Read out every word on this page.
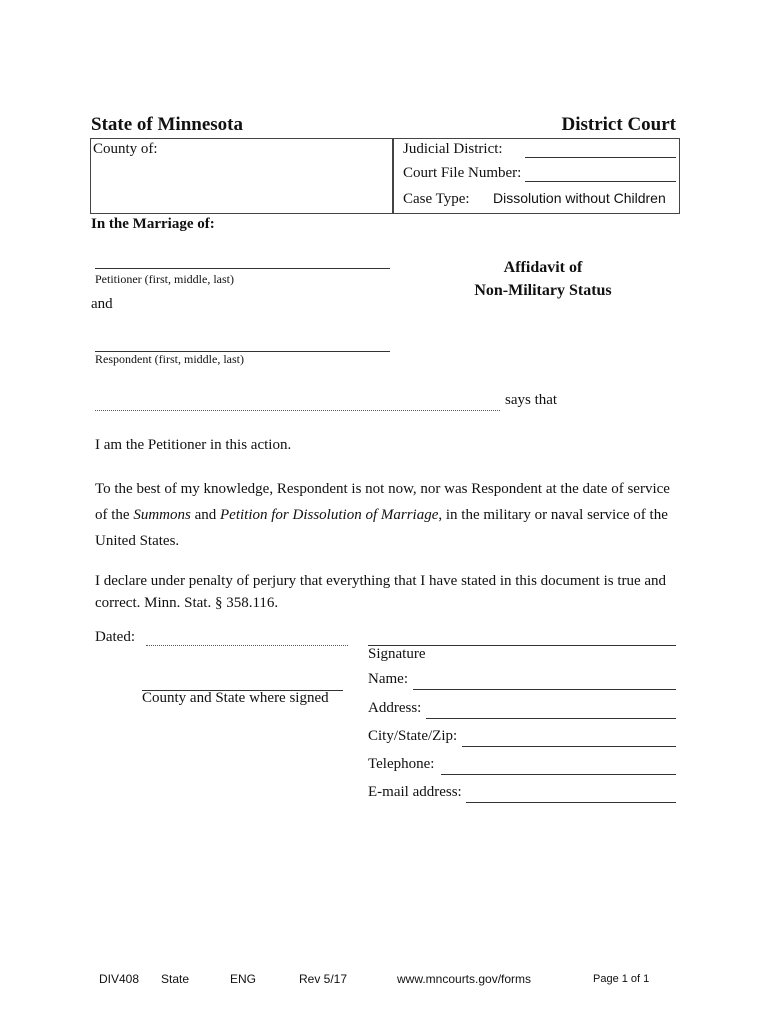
State of Minnesota	District Court
County of:	Judicial District:
Court File Number:
Case Type: Dissolution without Children
In the Marriage of:
Petitioner (first, middle, last)
and
Respondent (first, middle, last)
Affidavit of
Non-Military Status
says that
I am the Petitioner in this action.
To the best of my knowledge, Respondent is not now, nor was Respondent at the date of service of the Summons and Petition for Dissolution of Marriage, in the military or naval service of the United States.
I declare under penalty of perjury that everything that I have stated in this document is true and correct. Minn. Stat. § 358.116.
Dated:
County and State where signed
Signature
Name:
Address:
City/State/Zip:
Telephone:
E-mail address:
DIV408 State	ENG	Rev 5/17	www.mncourts.gov/forms	Page 1 of 1
